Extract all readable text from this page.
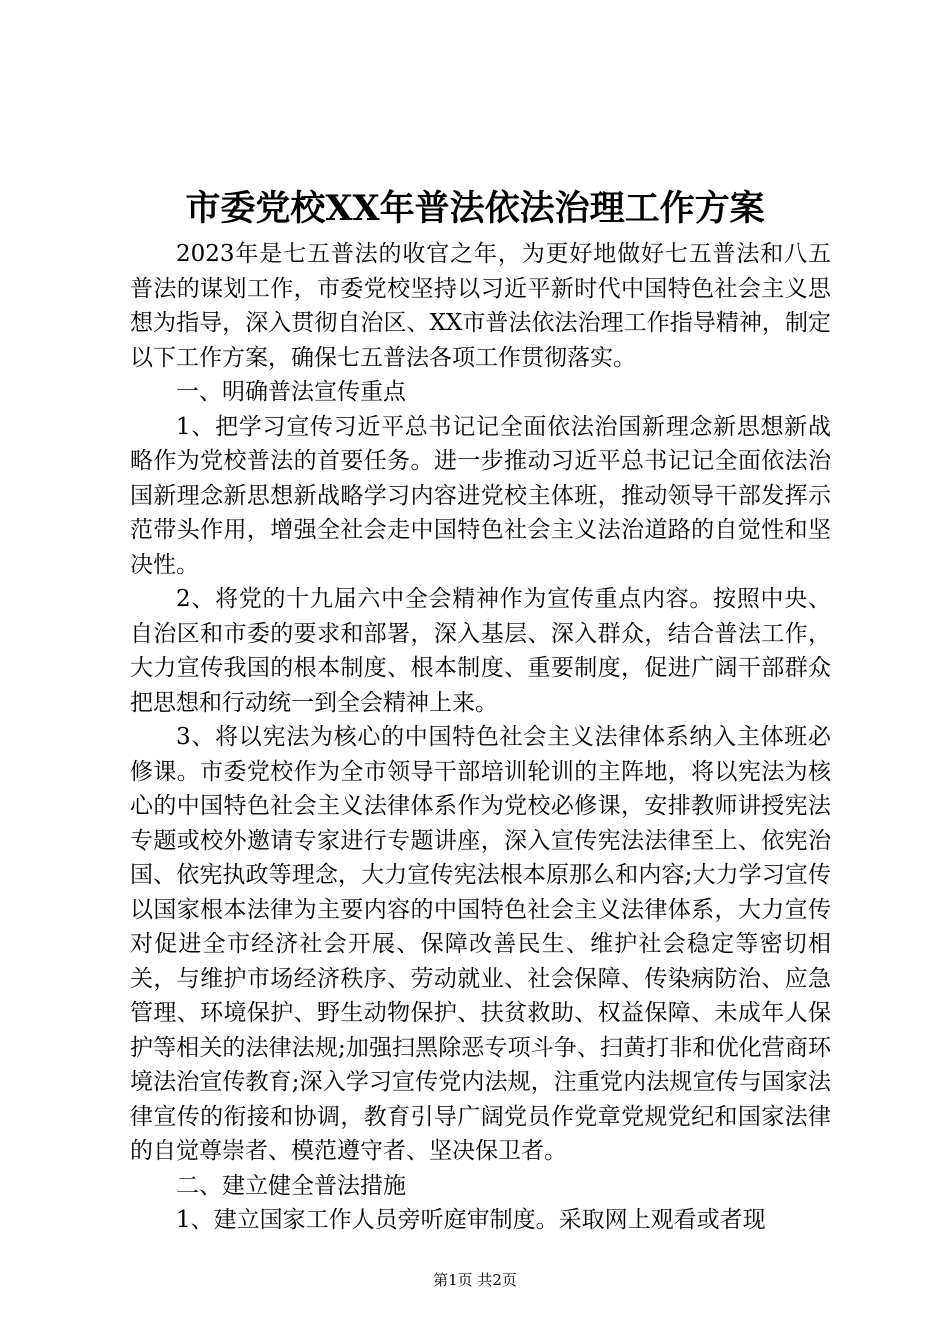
市委党校XX年普法依法治理工作方案

2023年是七五普法的收官之年，为更好地做好七五普法和八五普法的谋划工作，市委党校坚持以习近平新时代中国特色社会主义思想为指导，深入贯彻自治区、XX市普法依法治理工作指导精神，制定以下工作方案，确保七五普法各项工作贯彻落实。

一、明确普法宣传重点

1、把学习宣传习近平总书记记全面依法治国新理念新思想新战略作为党校普法的首要任务。进一步推动习近平总书记记全面依法治国新理念新思想新战略学习内容进党校主体班，推动领导干部发挥示范带头作用，增强全社会走中国特色社会主义法治道路的自觉性和坚决性。

2、将党的十九届六中全会精神作为宣传重点内容。按照中央、自治区和市委的要求和部署，深入基层、深入群众，结合普法工作，大力宣传我国的根本制度、根本制度、重要制度，促进广阔干部群众把思想和行动统一到全会精神上来。

3、将以宪法为核心的中国特色社会主义法律体系纳入主体班必修课。市委党校作为全市领导干部培训轮训的主阵地，将以宪法为核心的中国特色社会主义法律体系作为党校必修课，安排教师讲授宪法专题或校外邀请专家进行专题讲座，深入宣传宪法法律至上、依宪治国、依宪执政等理念，大力宣传宪法根本原那么和内容;大力学习宣传以国家根本法律为主要内容的中国特色社会主义法律体系，大力宣传对促进全市经济社会开展、保障改善民生、维护社会稳定等密切相关，与维护市场经济秩序、劳动就业、社会保障、传染病防治、应急管理、环境保护、野生动物保护、扶贫救助、权益保障、未成年人保护等相关的法律法规;加强扫黑除恶专项斗争、扫黄打非和优化营商环境法治宣传教育;深入学习宣传党内法规，注重党内法规宣传与国家法律宣传的衔接和协调，教育引导广阔党员作党章党规党纪和国家法律的自觉尊崇者、模范遵守者、坚决保卫者。

二、建立健全普法措施

1、建立国家工作人员旁听庭审制度。采取网上观看或者现

第1页 共2页
